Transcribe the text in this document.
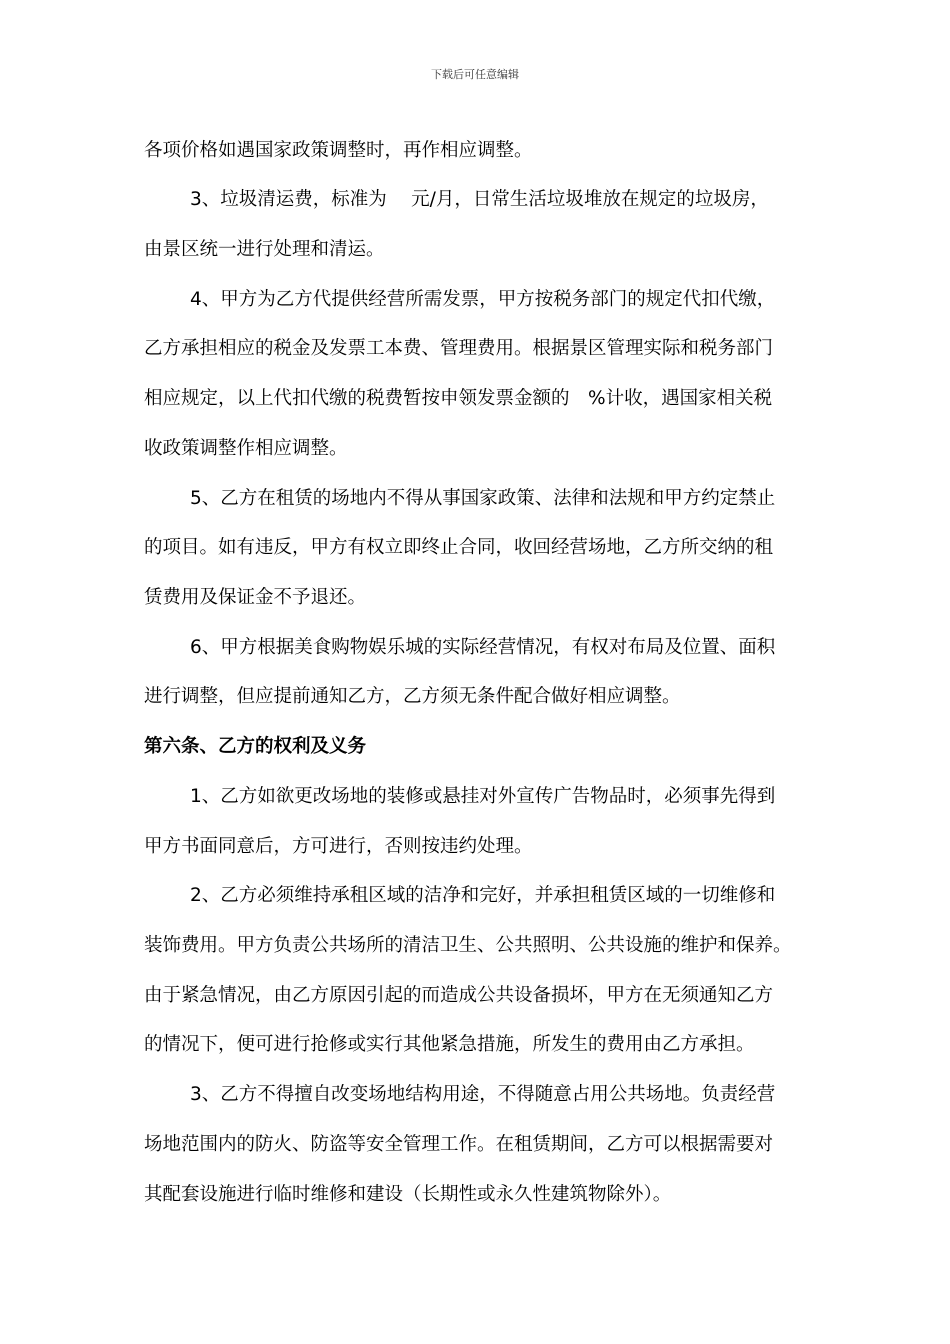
下载后可任意编辑
各项价格如遇国家政策调整时，再作相应调整。
3、垃圾清运费，标准为　 元/月，日常生活垃圾堆放在规定的垃圾房，
由景区统一进行处理和清运。
4、甲方为乙方代提供经营所需发票，甲方按税务部门的规定代扣代缴，
乙方承担相应的税金及发票工本费、管理费用。根据景区管理实际和税务部门
相应规定，以上代扣代缴的税费暂按申领发票金额的　%计收，遇国家相关税
收政策调整作相应调整。
5、乙方在租赁的场地内不得从事国家政策、法律和法规和甲方约定禁止
的项目。如有违反，甲方有权立即终止合同，收回经营场地，乙方所交纳的租
赁费用及保证金不予退还。
6、甲方根据美食购物娱乐城的实际经营情况，有权对布局及位置、面积
进行调整，但应提前通知乙方，乙方须无条件配合做好相应调整。
第六条、乙方的权利及义务
1、乙方如欲更改场地的装修或悬挂对外宣传广告物品时，必须事先得到
甲方书面同意后，方可进行，否则按违约处理。
2、乙方必须维持承租区域的洁净和完好，并承担租赁区域的一切维修和
装饰费用。甲方负责公共场所的清洁卫生、公共照明、公共设施的维护和保养。
由于紧急情况，由乙方原因引起的而造成公共设备损坏，甲方在无须通知乙方
的情况下，便可进行抢修或实行其他紧急措施，所发生的费用由乙方承担。
3、乙方不得擅自改变场地结构用途，不得随意占用公共场地。负责经营
场地范围内的防火、防盗等安全管理工作。在租赁期间，乙方可以根据需要对
其配套设施进行临时维修和建设（长期性或永久性建筑物除外）。
